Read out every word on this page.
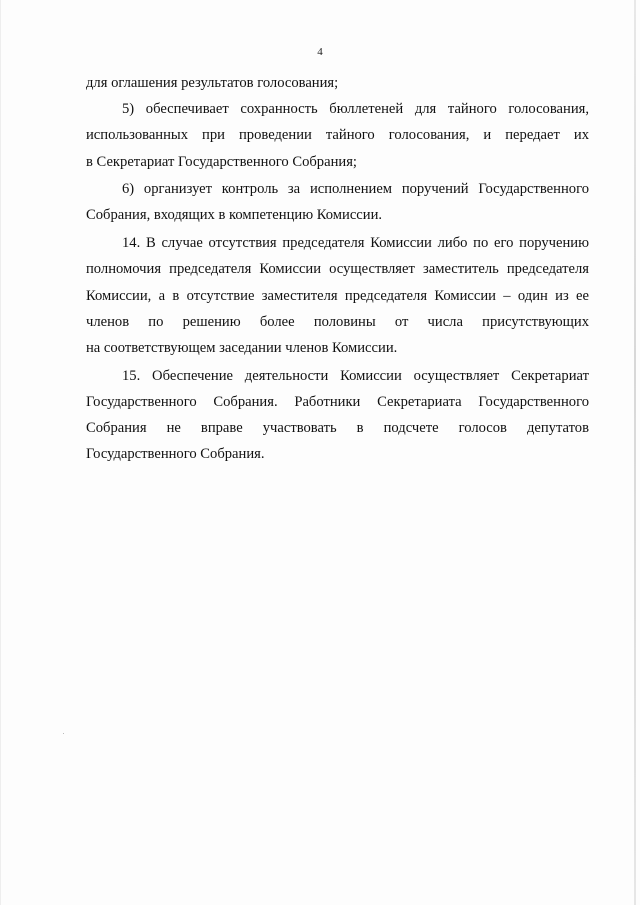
4
для оглашения результатов голосования;
5) обеспечивает сохранность бюллетеней для тайного голосования,
использованных при проведении тайного голосования, и передает их
в Секретариат Государственного Собрания;
6) организует контроль за исполнением поручений Государственного
Собрания, входящих в компетенцию Комиссии.
14. В случае отсутствия председателя Комиссии либо по его поручению
полномочия председателя Комиссии осуществляет заместитель председателя
Комиссии, а в отсутствие заместителя председателя Комиссии – один из ее
членов по решению более половины от числа присутствующих
на соответствующем заседании членов Комиссии.
15. Обеспечение деятельности Комиссии осуществляет Секретариат
Государственного Собрания. Работники Секретариата Государственного
Собрания не вправе участвовать в подсчете голосов депутатов
Государственного Собрания.
